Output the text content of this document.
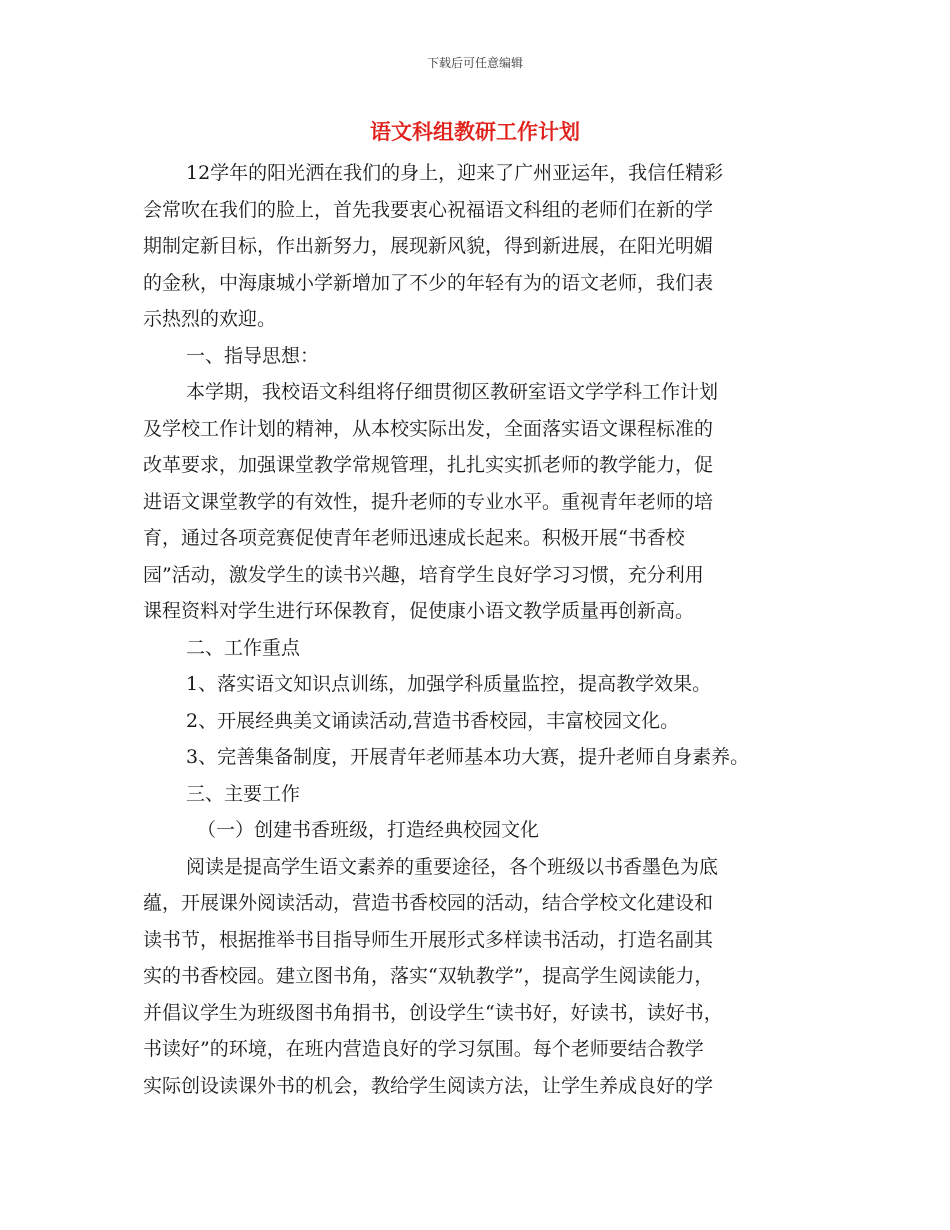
下载后可任意编辑
语文科组教研工作计划
12学年的阳光洒在我们的身上，迎来了广州亚运年，我信任精彩
会常吹在我们的脸上，首先我要衷心祝福语文科组的老师们在新的学
期制定新目标，作出新努力，展现新风貌，得到新进展，在阳光明媚
的金秋，中海康城小学新增加了不少的年轻有为的语文老师，我们表
示热烈的欢迎。
一、指导思想：
本学期，我校语文科组将仔细贯彻区教研室语文学学科工作计划
及学校工作计划的精神，从本校实际出发，全面落实语文课程标准的
改革要求，加强课堂教学常规管理，扎扎实实抓老师的教学能力，促
进语文课堂教学的有效性，提升老师的专业水平。重视青年老师的培
育，通过各项竞赛促使青年老师迅速成长起来。积极开展“书香校
园”活动，激发学生的读书兴趣，培育学生良好学习习惯，充分利用
课程资料对学生进行环保教育，促使康小语文教学质量再创新高。
二、工作重点
1、落实语文知识点训练，加强学科质量监控，提高教学效果。
2、开展经典美文诵读活动,营造书香校园，丰富校园文化。
3、完善集备制度，开展青年老师基本功大赛，提升老师自身素养。
三、主要工作
（一）创建书香班级，打造经典校园文化
阅读是提高学生语文素养的重要途径，各个班级以书香墨色为底
蕴，开展课外阅读活动，营造书香校园的活动，结合学校文化建设和
读书节，根据推举书目指导师生开展形式多样读书活动，打造名副其
实的书香校园。建立图书角，落实“双轨教学”，提高学生阅读能力，
并倡议学生为班级图书角捐书，创设学生“读书好，好读书，读好书，
书读好”的环境，在班内营造良好的学习氛围。每个老师要结合教学
实际创设读课外书的机会，教给学生阅读方法，让学生养成良好的学
